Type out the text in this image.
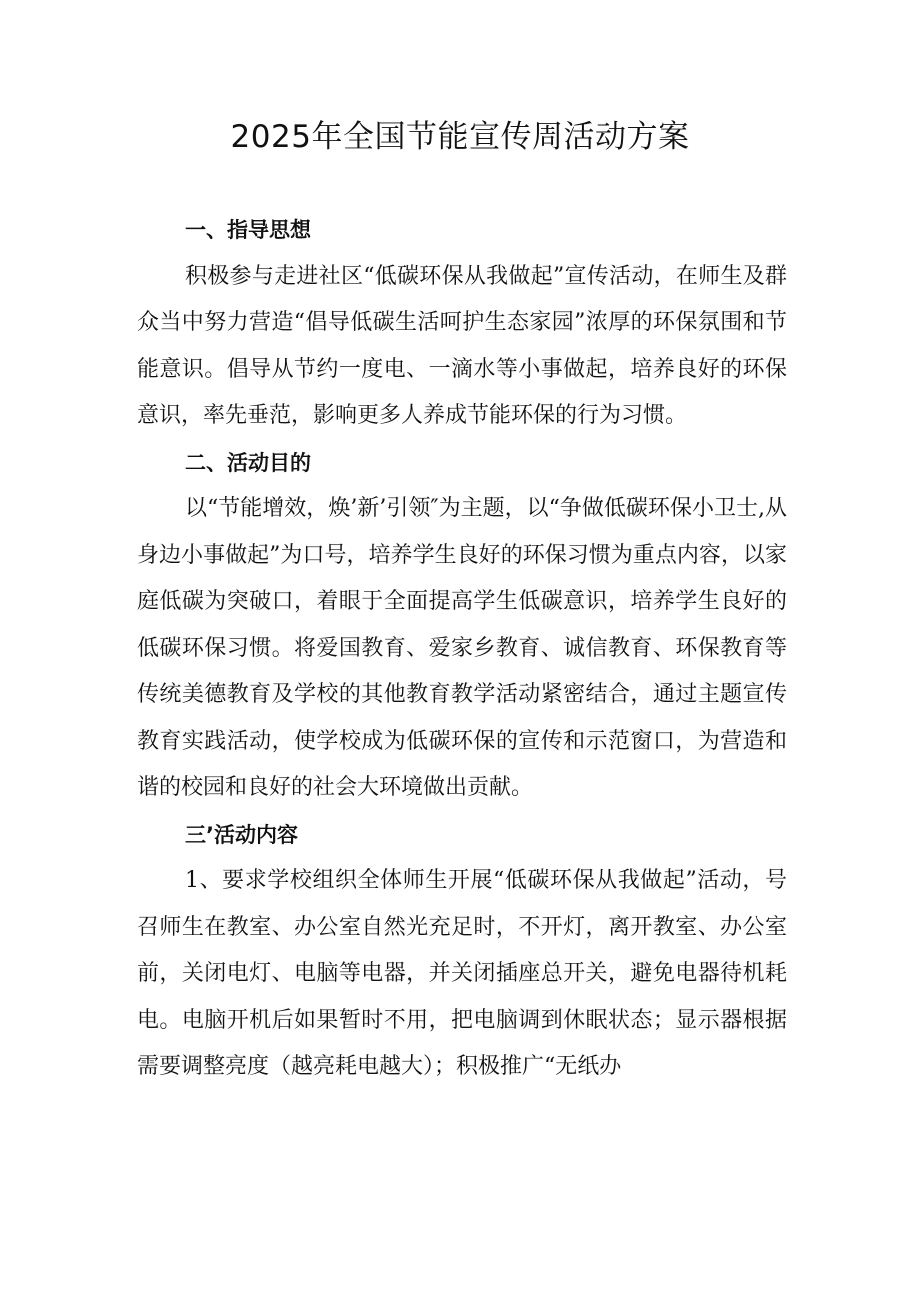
2025年全国节能宣传周活动方案
一、指导思想

积极参与走进社区“低碳环保从我做起”宣传活动，在师生及群众当中努力营造“倡导低碳生活呵护生态家园”浓厚的环保氛围和节能意识。倡导从节约一度电、一滴水等小事做起，培养良好的环保意识，率先垂范，影响更多人养成节能环保的行为习惯。

二、活动目的

以“节能增效，焕’新’引领″为主题，以“争做低碳环保小卫士,从身边小事做起”为口号，培养学生良好的环保习惯为重点内容，以家庭低碳为突破口，着眼于全面提高学生低碳意识，培养学生良好的低碳环保习惯。将爱国教育、爱家乡教育、诚信教育、环保教育等传统美德教育及学校的其他教育教学活动紧密结合，通过主题宣传教育实践活动，使学校成为低碳环保的宣传和示范窗口，为营造和谐的校园和良好的社会大环境做出贡献。

三’活动内容

1、要求学校组织全体师生开展“低碳环保从我做起”活动，号召师生在教室、办公室自然光充足时，不开灯，离开教室、办公室前，关闭电灯、电脑等电器，并关闭插座总开关，避免电器待机耗电。电脑开机后如果暂时不用，把电脑调到休眠状态；显示器根据需要调整亮度（越亮耗电越大）；积极推广“无纸办
